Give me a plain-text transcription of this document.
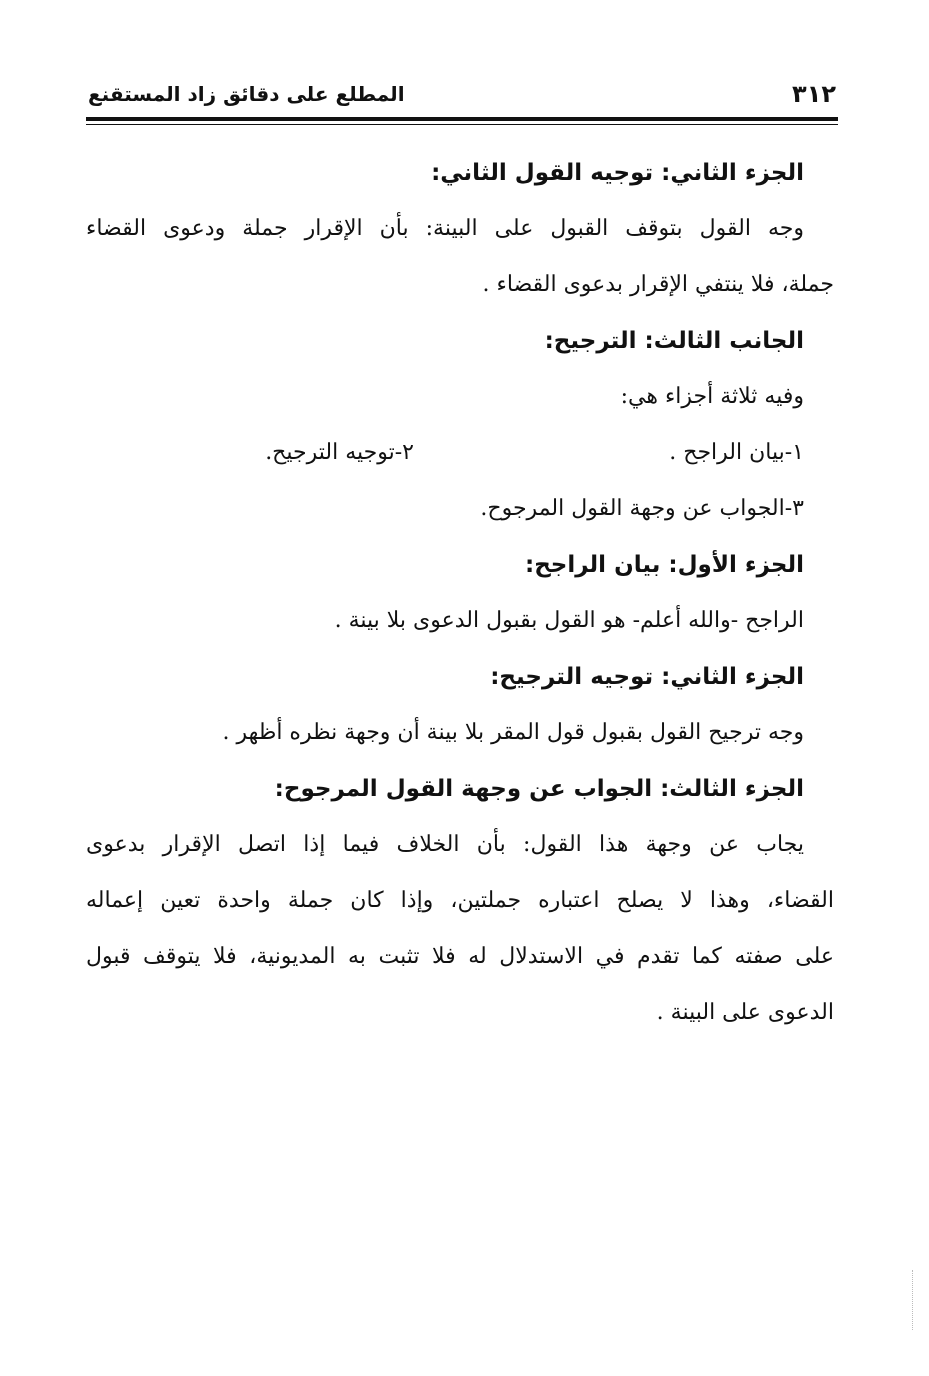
٣١٢
المطلع على دقائق زاد المستقنع
الجزء الثاني: توجيه القول الثاني:
وجه القول بتوقف القبول على البينة: بأن الإقرار جملة ودعوى القضاء
جملة، فلا ينتفي الإقرار بدعوى القضاء .
الجانب الثالث: الترجيح:
وفيه ثلاثة أجزاء هي:
١-بيان الراجح .
٢-توجيه الترجيح.
٣-الجواب عن وجهة القول المرجوح.
الجزء الأول: بيان الراجح:
الراجح -والله أعلم- هو القول بقبول الدعوى بلا بينة .
الجزء الثاني: توجيه الترجيح:
وجه ترجيح القول بقبول قول المقر بلا بينة أن وجهة نظره أظهر .
الجزء الثالث: الجواب عن وجهة القول المرجوح:
يجاب عن وجهة هذا القول: بأن الخلاف فيما إذا اتصل الإقرار بدعوى
القضاء، وهذا لا يصلح اعتباره جملتين، وإذا كان جملة واحدة تعين إعماله
على صفته كما تقدم في الاستدلال له فلا تثبت به المديونية، فلا يتوقف قبول
الدعوى على البينة .
